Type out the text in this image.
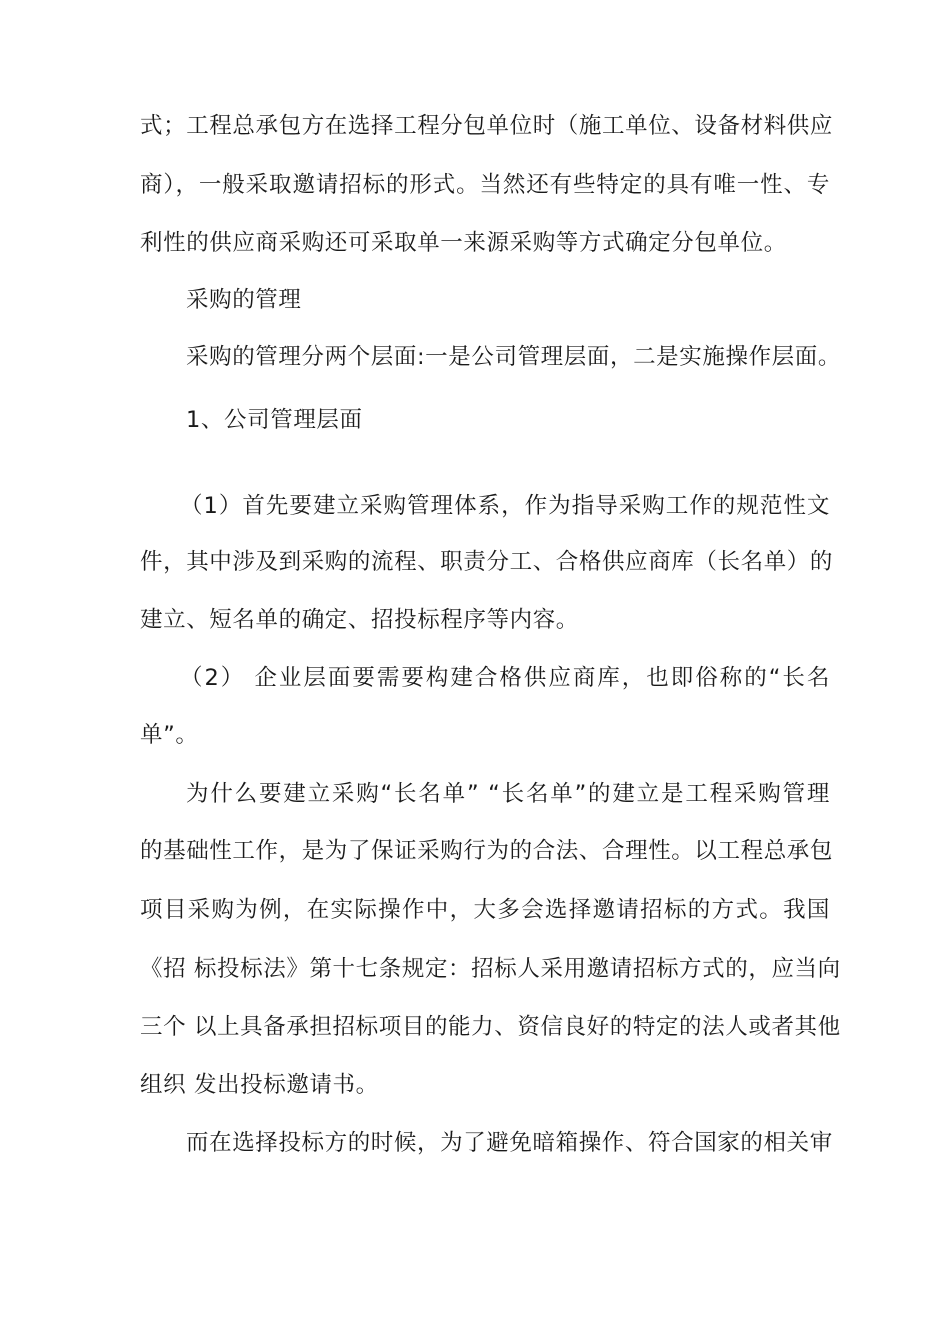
式；工程总承包方在选择工程分包单位时（施工单位、设备材料供应
商），一般采取邀请招标的形式。当然还有些特定的具有唯一性、专
利性的供应商采购还可采取单一来源采购等方式确定分包单位。
采购的管理
采购的管理分两个层面:一是公司管理层面，二是实施操作层面。
1、公司管理层面
（1）首先要建立采购管理体系，作为指导采购工作的规范性文
件，其中涉及到采购的流程、职责分工、合格供应商库（长名单）的
建立、短名单的确定、招投标程序等内容。
（2） 企业层面要需要构建合格供应商库，也即俗称的“长名
单”。
为什么要建立采购“长名单” “长名单”的建立是工程采购管理
的基础性工作，是为了保证采购行为的合法、合理性。以工程总承包
项目采购为例，在实际操作中，大多会选择邀请招标的方式。我国
《招 标投标法》第十七条规定：招标人采用邀请招标方式的，应当向
三个 以上具备承担招标项目的能力、资信良好的特定的法人或者其他
组织 发出投标邀请书。
而在选择投标方的时候，为了避免暗箱操作、符合国家的相关审
